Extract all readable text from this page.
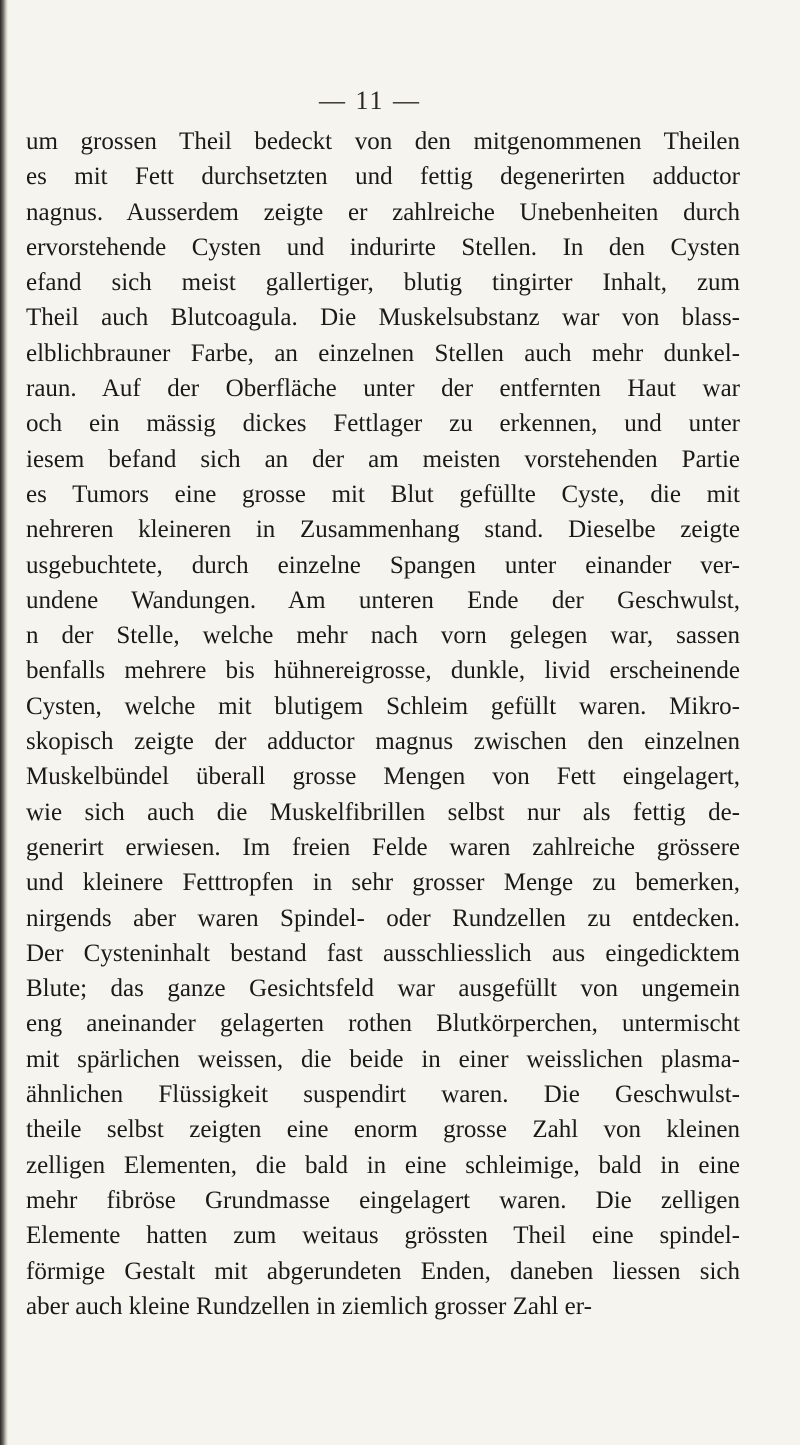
— 11 —
um grossen Theil bedeckt von den mitgenommenen Theilen
es mit Fett durchsetzten und fettig degenerirten adductor
nagnus. Ausserdem zeigte er zahlreiche Unebenheiten durch
ervorstehende Cysten und indurirte Stellen. In den Cysten
efand sich meist gallertiger, blutig tingirter Inhalt, zum
Theil auch Blutcoagula. Die Muskelsubstanz war von blass-
elblichbrauner Farbe, an einzelnen Stellen auch mehr dunkel-
raun. Auf der Oberfläche unter der entfernten Haut war
och ein mässig dickes Fettlager zu erkennen, und unter
iesem befand sich an der am meisten vorstehenden Partie
es Tumors eine grosse mit Blut gefüllte Cyste, die mit
nehreren kleineren in Zusammenhang stand. Dieselbe zeigte
usgebuchtete, durch einzelne Spangen unter einander ver-
undene Wandungen. Am unteren Ende der Geschwulst,
n der Stelle, welche mehr nach vorn gelegen war, sassen
benfalls mehrere bis hühnereigrosse, dunkle, livid erscheinende
Cysten, welche mit blutigem Schleim gefüllt waren. Mikro-
skopisch zeigte der adductor magnus zwischen den einzelnen
Muskelbündel überall grosse Mengen von Fett eingelagert,
wie sich auch die Muskelfibrillen selbst nur als fettig de-
generirt erwiesen. Im freien Felde waren zahlreiche grössere
und kleinere Fetttropfen in sehr grosser Menge zu bemerken,
nirgends aber waren Spindel- oder Rundzellen zu entdecken.
Der Cysteninhalt bestand fast ausschliesslich aus eingedicktem
Blute; das ganze Gesichtsfeld war ausgefüllt von ungemein
eng aneinander gelagerten rothen Blutkörperchen, untermischt
mit spärlichen weissen, die beide in einer weisslichen plasma-
ähnlichen Flüssigkeit suspendirt waren. Die Geschwulst-
theile selbst zeigten eine enorm grosse Zahl von kleinen
zelligen Elementen, die bald in eine schleimige, bald in eine
mehr fibröse Grundmasse eingelagert waren. Die zelligen
Elemente hatten zum weitaus grössten Theil eine spindel-
förmige Gestalt mit abgerundeten Enden, daneben liessen sich
aber auch kleine Rundzellen in ziemlich grosser Zahl er-
